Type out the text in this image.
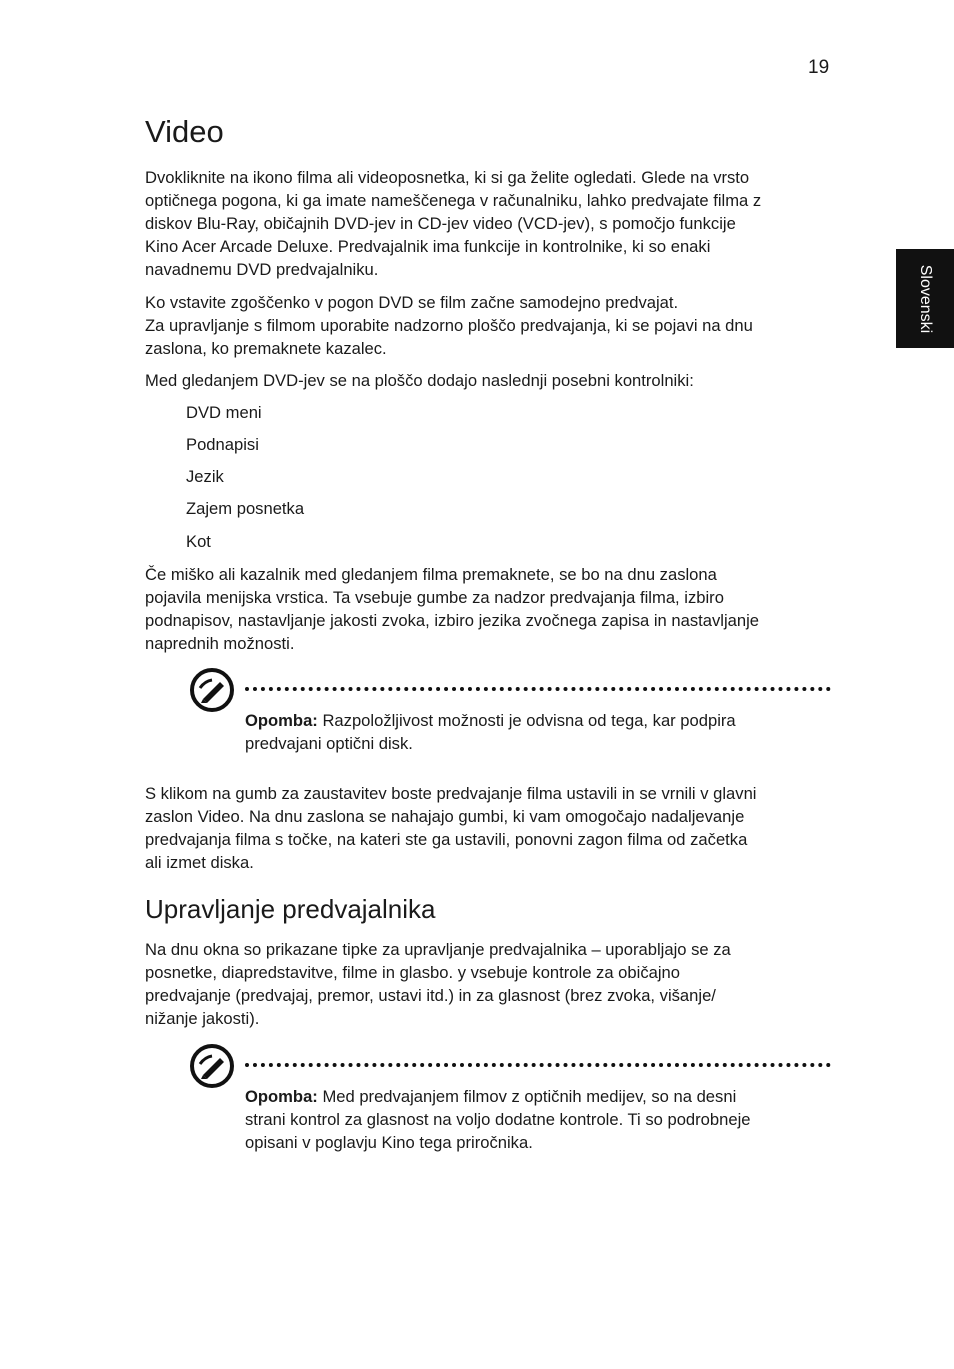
19
Slovenski
Video

Dvokliknite na ikono filma ali videoposnetka, ki si ga želite ogledati. Glede na vrsto
optičnega pogona, ki ga imate nameščenega v računalniku, lahko predvajate filma z
diskov Blu-Ray, običajnih DVD-jev in CD-jev video (VCD-jev), s pomočjo funkcije
Kino Acer Arcade Deluxe. Predvajalnik ima funkcije in kontrolnike, ki so enaki
navadnemu DVD predvajalniku.

Ko vstavite zgoščenko v pogon DVD se film začne samodejno predvajat.
Za upravljanje s filmom uporabite nadzorno ploščo predvajanja, ki se pojavi na dnu
zaslona, ko premaknete kazalec.

Med gledanjem DVD-jev se na ploščo dodajo naslednji posebni kontrolniki:

DVD meni

Podnapisi

Jezik

Zajem posnetka

Kot

Če miško ali kazalnik med gledanjem filma premaknete, se bo na dnu zaslona
pojavila menijska vrstica. Ta vsebuje gumbe za nadzor predvajanja filma, izbiro
podnapisov, nastavljanje jakosti zvoka, izbiro jezika zvočnega zapisa in nastavljanje
naprednih možnosti.

Opomba: Razpoložljivost možnosti je odvisna od tega, kar podpira
predvajani optični disk.

S klikom na gumb za zaustavitev boste predvajanje filma ustavili in se vrnili v glavni
zaslon Video. Na dnu zaslona se nahajajo gumbi, ki vam omogočajo nadaljevanje
predvajanja filma s točke, na kateri ste ga ustavili, ponovni zagon filma od začetka
ali izmet diska.

Upravljanje predvajalnika

Na dnu okna so prikazane tipke za upravljanje predvajalnika – uporabljajo se za
posnetke, diapredstavitve, filme in glasbo. y vsebuje kontrole za običajno
predvajanje (predvajaj, premor, ustavi itd.) in za glasnost (brez zvoka, višanje/
nižanje jakosti).

Opomba: Med predvajanjem filmov z optičnih medijev, so na desni
strani kontrol za glasnost na voljo dodatne kontrole. Ti so podrobneje
opisani v poglavju Kino tega priročnika.
